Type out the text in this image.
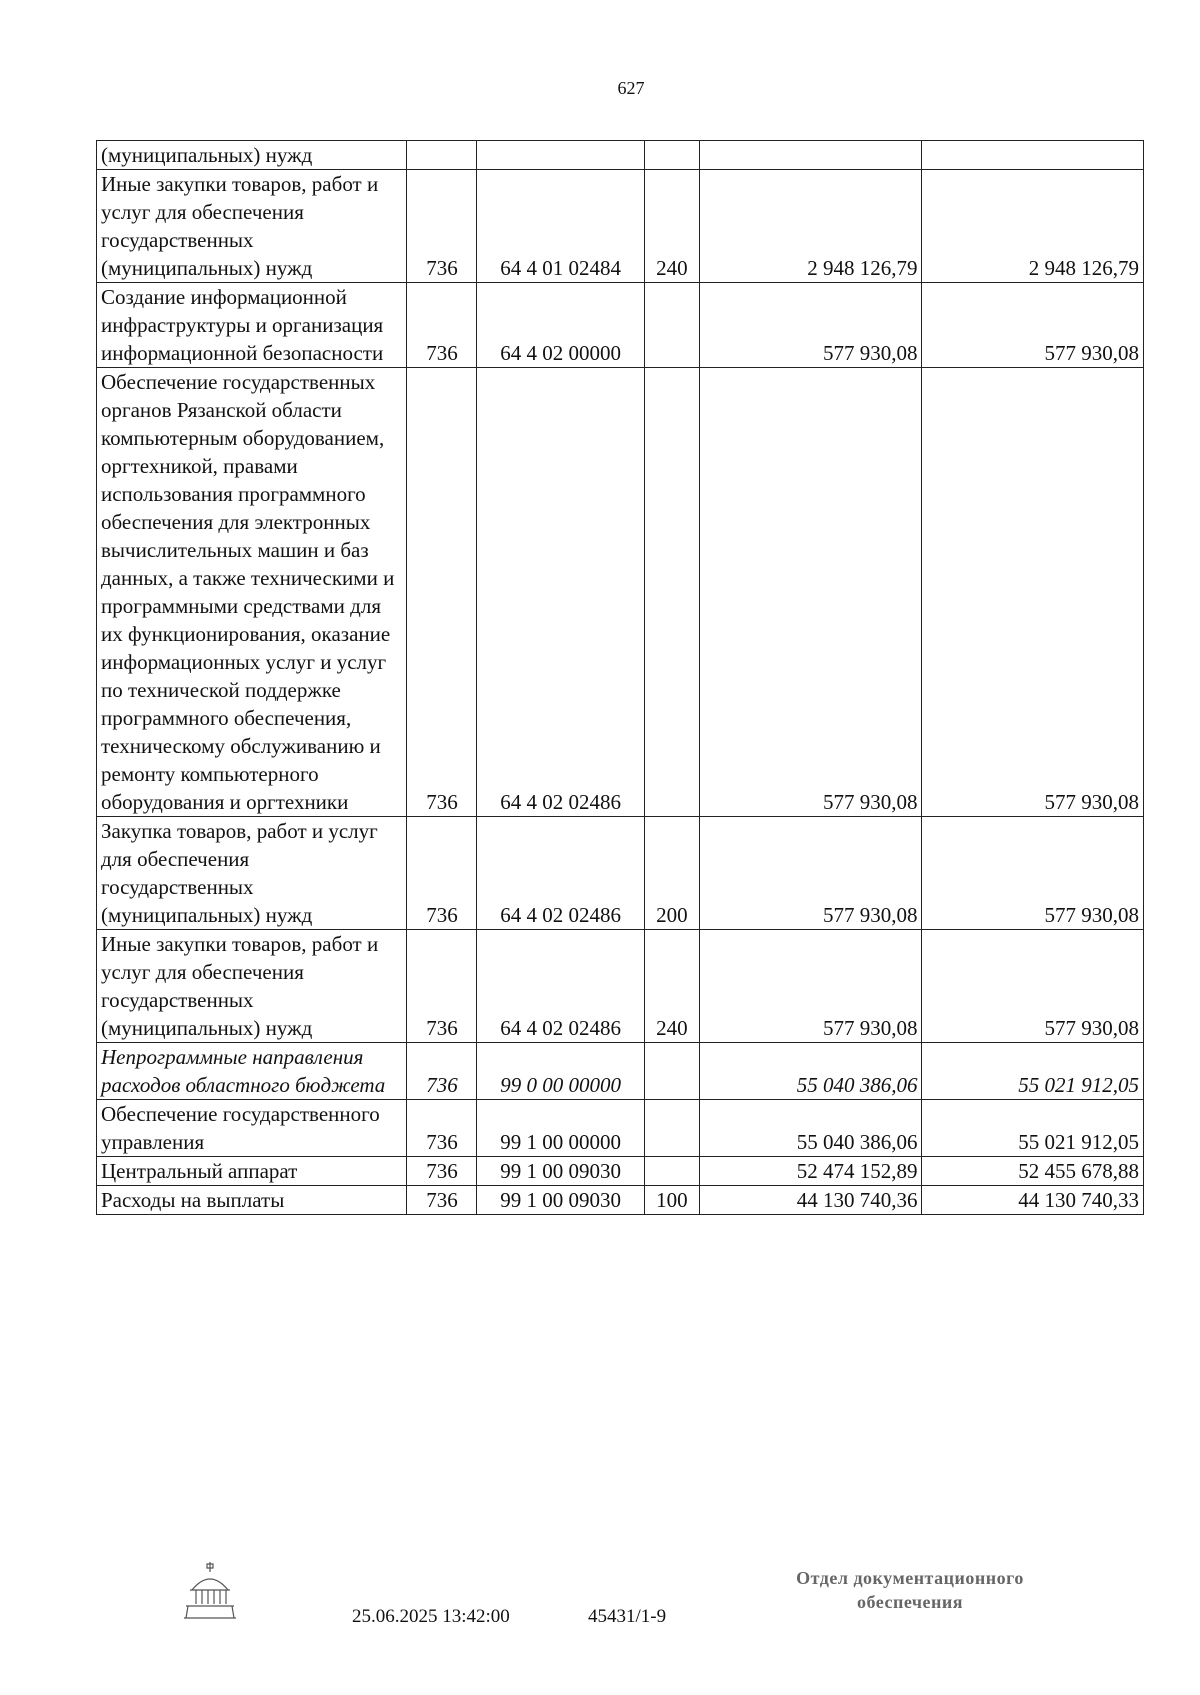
627
(муниципальных) нужд					
Иные закупки товаров, работ и услуг для обеспечения государственных (муниципальных) нужд	736	64 4 01 02484	240	2 948 126,79	2 948 126,79
Создание информационной инфраструктуры и организация информационной безопасности	736	64 4 02 00000		577 930,08	577 930,08
Обеспечение государственных органов Рязанской области компьютерным оборудованием, оргтехникой, правами использования программного обеспечения для электронных вычислительных машин и баз данных, а также техническими и программными средствами для их функционирования, оказание информационных услуг и услуг по технической поддержке программного обеспечения, техническому обслуживанию и ремонту компьютерного оборудования и оргтехники	736	64 4 02 02486		577 930,08	577 930,08
Закупка товаров, работ и услуг для обеспечения государственных (муниципальных) нужд	736	64 4 02 02486	200	577 930,08	577 930,08
Иные закупки товаров, работ и услуг для обеспечения государственных (муниципальных) нужд	736	64 4 02 02486	240	577 930,08	577 930,08
Непрограммные направления расходов областного бюджета	736	99 0 00 00000		55 040 386,06	55 021 912,05
Обеспечение государственного управления	736	99 1 00 00000		55 040 386,06	55 021 912,05
Центральный аппарат	736	99 1 00 09030		52 474 152,89	52 455 678,88
Расходы на выплаты	736	99 1 00 09030	100	44 130 740,36	44 130 740,33
25.06.2025 13:42:00	45431/1-9
Отдел документационного
обеспечения
